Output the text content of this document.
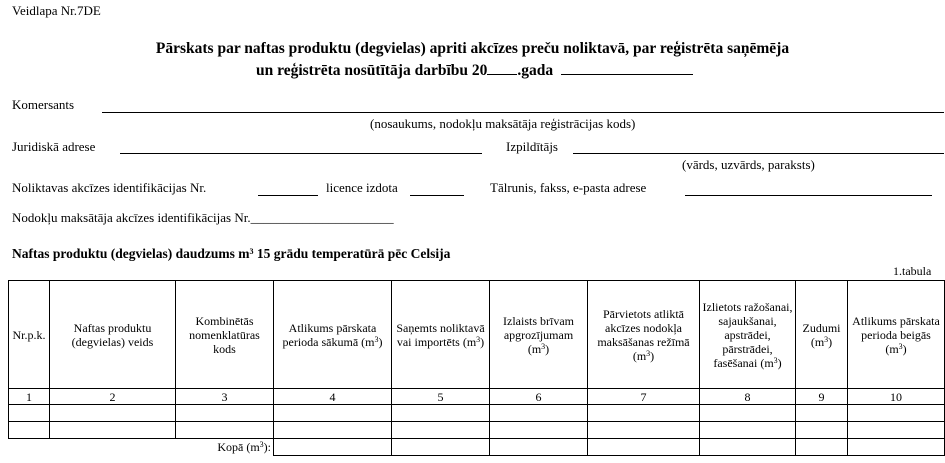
Veidlapa Nr.7DE
Pārskats par naftas produktu (degvielas) apriti akcīzes preču noliktavā, par reģistrēta saņēmēja
un reģistrēta nosūtītāja darbību 20 .gada
Komersants
(nosaukums, nodokļu maksātāja reģistrācijas kods)
Juridiskā adrese	Izpildītājs
(vārds, uzvārds, paraksts)
Noliktavas akcīzes identifikācijas Nr.	licence izdota	Tālrunis, fakss, e-pasta adrese
Nodokļu maksātāja akcīzes identifikācijas Nr.______________________
Naftas produktu (degvielas) daudzums $m^3$ 15 grādu temperatūrā pēc Celsija
1.tabula
Nr.p.k.	Naftas produktu (degvielas) veids	Kombinētās nomenklatūras kods	Atlikums pārskata perioda sākumā $(m^3)$	Saņemts noliktavā vai importēts $(m^3)$	Izlaists brīvam apgrozījumam $(m^3)$	Pārvietots atliktā akcīzes nodokļa maksāšanas režīmā $(m^3)$	Izlietots ražošanai, sajaukšanai, apstrādei, pārstrādei, fasēšanai $(m^3)$	Zudumi $(m^3)$	Atlikums pārskata perioda beigās $(m^3)$
1	2	3	4	5	6	7	8	9	10

Kopā $(m^3)$:									
